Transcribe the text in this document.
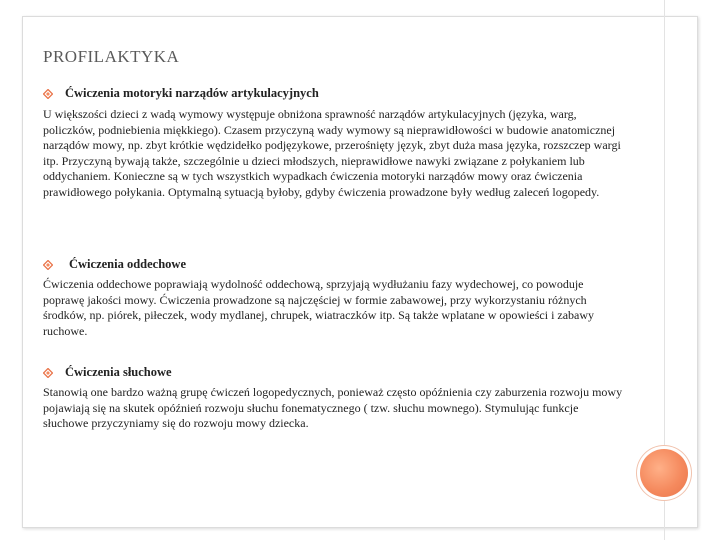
PROFILAKTYKA
Ćwiczenia motoryki narządów artykulacyjnych
U większości dzieci z wadą wymowy występuje obniżona sprawność narządów artykulacyjnych (języka, warg, policzków, podniebienia miękkiego). Czasem przyczyną wady wymowy są nieprawidłowości w budowie anatomicznej narządów mowy, np. zbyt krótkie wędzidełko podjęzykowe, przerośnięty język, zbyt duża masa języka, rozszczep wargi itp. Przyczyną bywają także, szczególnie u dzieci młodszych, nieprawidłowe nawyki związane z połykaniem lub oddychaniem. Konieczne są w tych wszystkich wypadkach ćwiczenia motoryki narządów mowy oraz ćwiczenia prawidłowego połykania. Optymalną sytuacją byłoby, gdyby ćwiczenia prowadzone były według zaleceń logopedy.
Ćwiczenia oddechowe
Ćwiczenia oddechowe poprawiają wydolność oddechową, sprzyjają wydłużaniu fazy wydechowej, co powoduje poprawę jakości mowy. Ćwiczenia prowadzone są najczęściej w formie zabawowej, przy wykorzystaniu różnych środków, np. piórek, piłeczek, wody mydlanej, chrupek, wiatraczków itp. Są także wplatane w opowieści i zabawy ruchowe.
Ćwiczenia słuchowe
Stanowią one bardzo ważną grupę ćwiczeń logopedycznych, ponieważ często opóźnienia czy zaburzenia rozwoju mowy pojawiają się na skutek opóźnień rozwoju słuchu fonematycznego ( tzw. słuchu mownego). Stymulując funkcje słuchowe przyczyniamy się do rozwoju mowy dziecka.
